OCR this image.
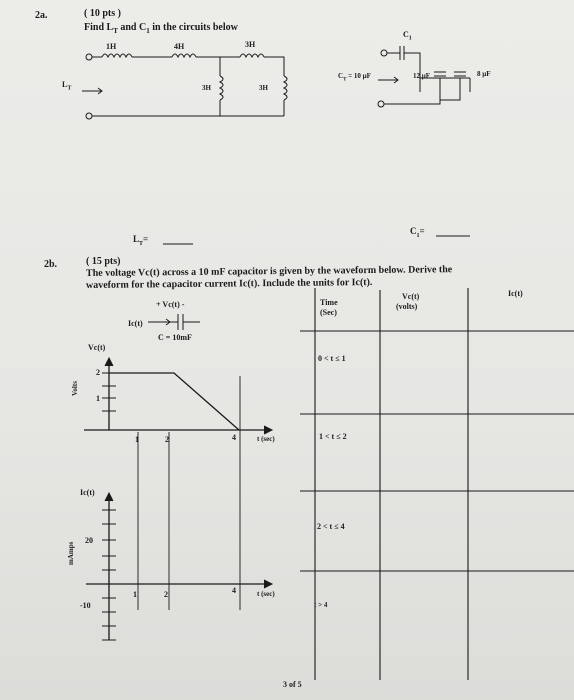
2a.	( 10 pts )
Find $L_T$ and $C_1$ in the circuits below
1H	4H	3H
3H	3H
$L_T$
$L_T=$
$C_1$
$C_T = 10$ µF	12 µF	8 µF
$C_1=$
2b.	( 15 pts)
The voltage Vc(t) across a 10 mF capacitor is given by the waveform below. Derive the
waveform for the capacitor current Ic(t). Include the units for Ic(t).
+ Vc(t) -
Ic(t)
C = 10mF
Vc(t)
Volts
2
1
1	2	4	t (sec)
Ic(t)
mAmps
20
-10
1	2	4	t (sec)
Time
(Sec)
Vc(t)
(volts)
Ic(t)
0 < t ≤ 1
1 < t ≤ 2
2 < t ≤ 4
t > 4
3 of 5
